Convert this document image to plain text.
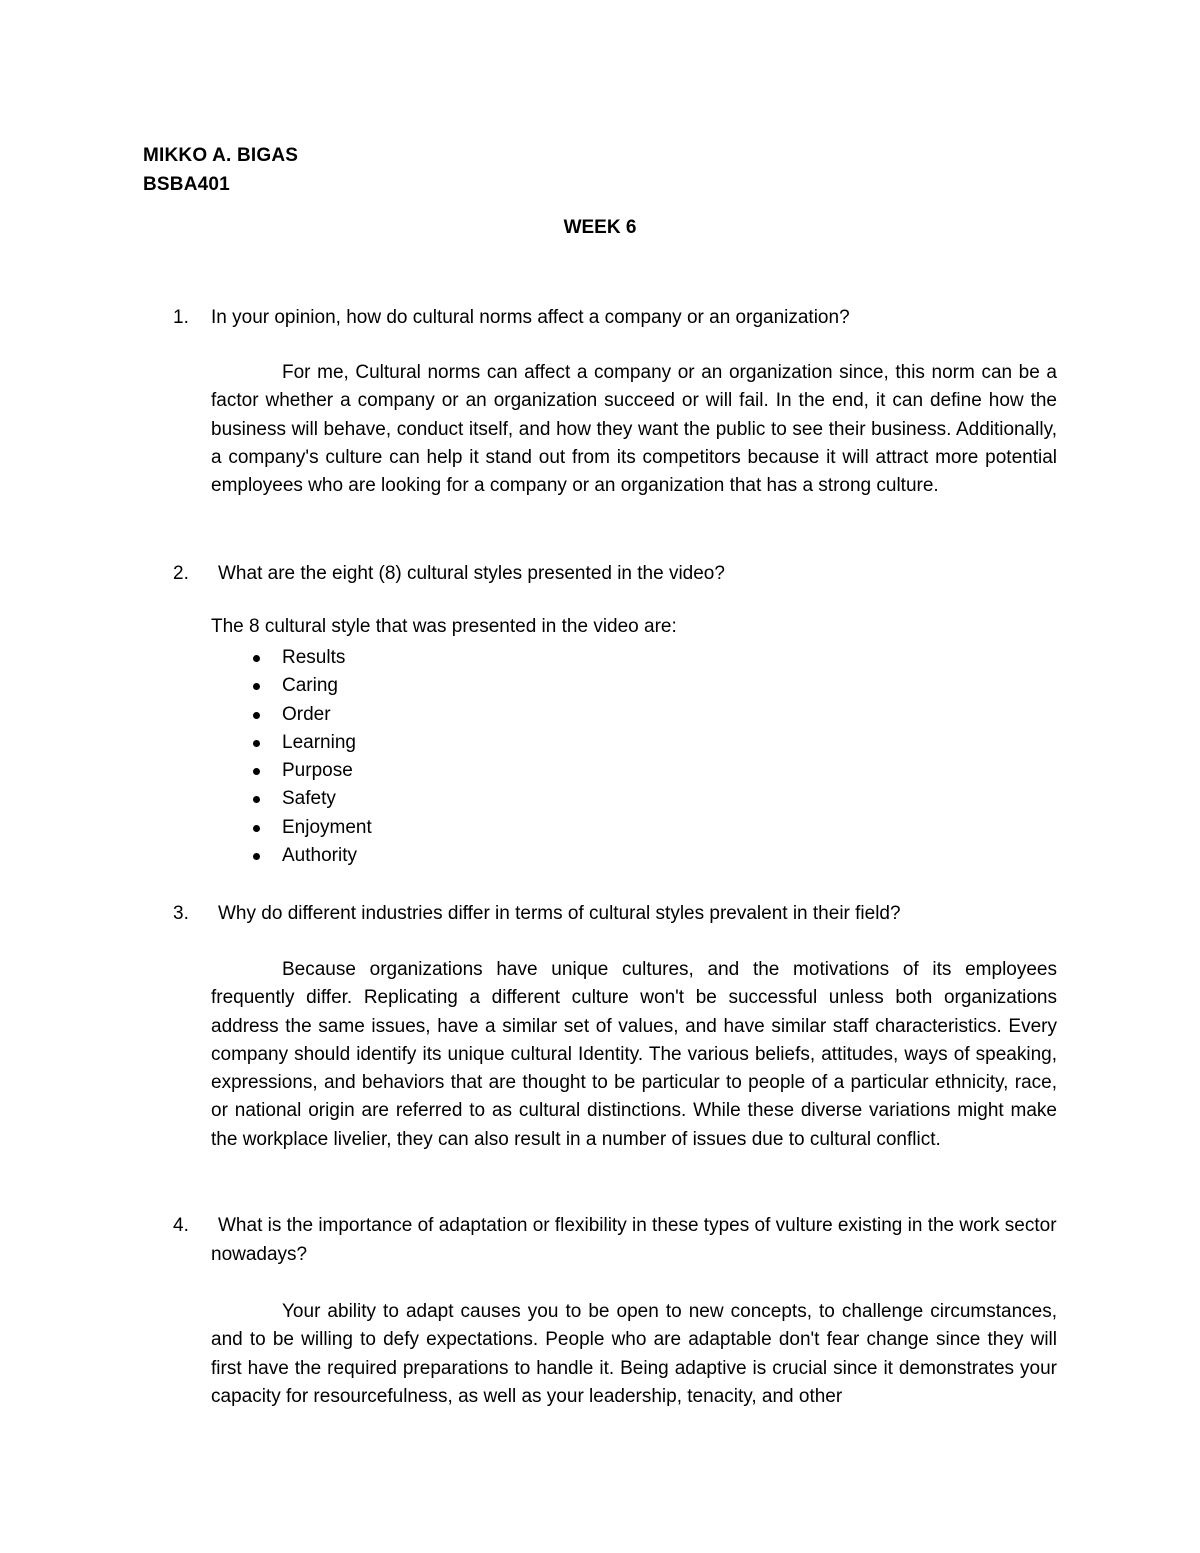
MIKKO A. BIGAS
BSBA401
WEEK 6
1. In your opinion, how do cultural norms affect a company or an organization?
For me, Cultural norms can affect a company or an organization since, this norm can be a factor whether a company or an organization succeed or will fail. In the end, it can define how the business will behave, conduct itself, and how they want the public to see their business. Additionally, a company's culture can help it stand out from its competitors because it will attract more potential employees who are looking for a company or an organization that has a strong culture.
2. What are the eight (8) cultural styles presented in the video?
The 8 cultural style that was presented in the video are:
Results
Caring
Order
Learning
Purpose
Safety
Enjoyment
Authority
3. Why do different industries differ in terms of cultural styles prevalent in their field?
Because organizations have unique cultures, and the motivations of its employees frequently differ. Replicating a different culture won't be successful unless both organizations address the same issues, have a similar set of values, and have similar staff characteristics. Every company should identify its unique cultural Identity. The various beliefs, attitudes, ways of speaking, expressions, and behaviors that are thought to be particular to people of a particular ethnicity, race, or national origin are referred to as cultural distinctions. While these diverse variations might make the workplace livelier, they can also result in a number of issues due to cultural conflict.
4.	What is the importance of adaptation or flexibility in these types of vulture existing in the work sector nowadays?
Your ability to adapt causes you to be open to new concepts, to challenge circumstances, and to be willing to defy expectations. People who are adaptable don't fear change since they will first have the required preparations to handle it. Being adaptive is crucial since it demonstrates your capacity for resourcefulness, as well as your leadership, tenacity, and other
